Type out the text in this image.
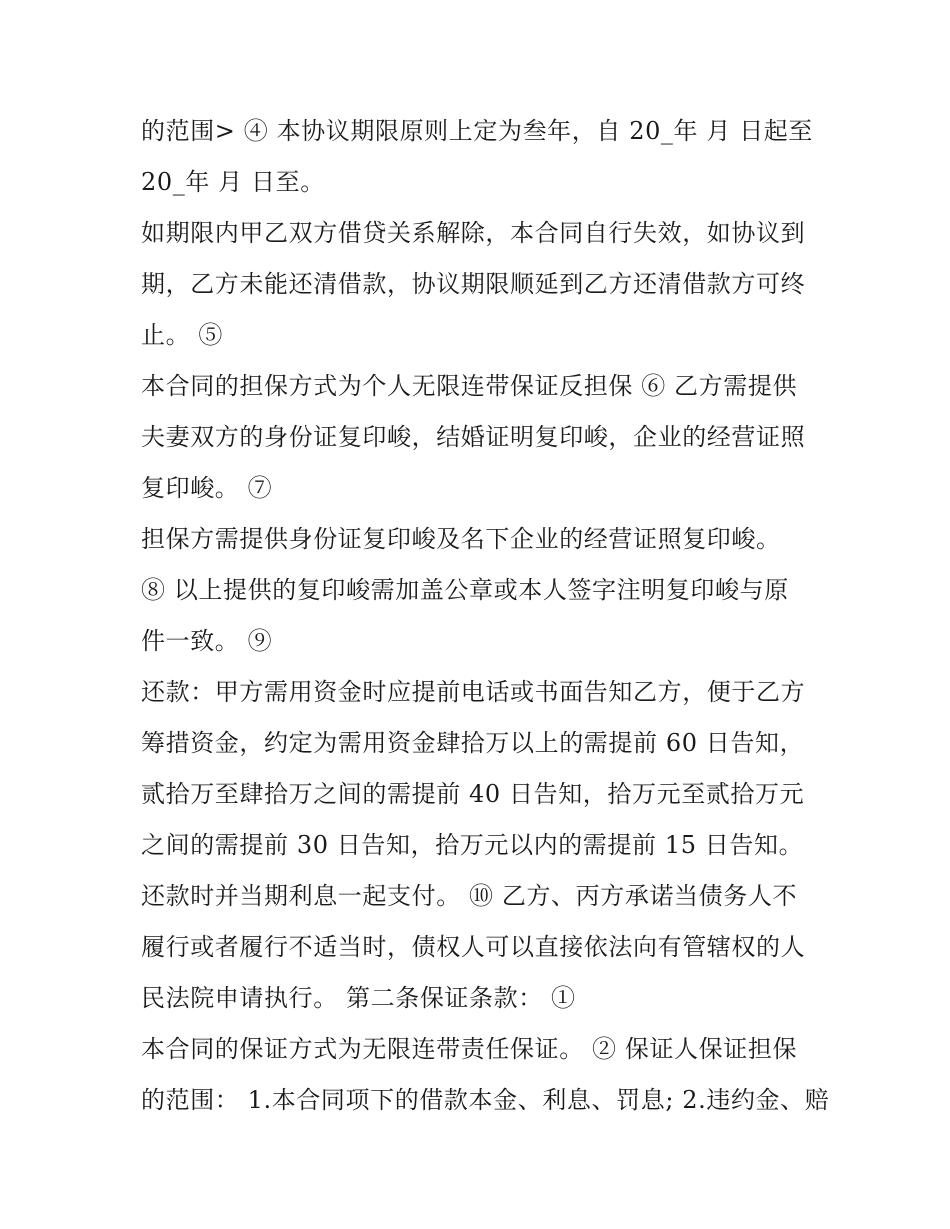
的范围> ④ 本协议期限原则上定为叁年，自 20_年 月 日起至
20_年 月 日至。
如期限内甲乙双方借贷关系解除，本合同自行失效，如协议到
期，乙方未能还清借款，协议期限顺延到乙方还清借款方可终
止。 ⑤
本合同的担保方式为个人无限连带保证反担保 ⑥ 乙方需提供
夫妻双方的身份证复印峻，结婚证明复印峻，企业的经营证照
复印峻。 ⑦
担保方需提供身份证复印峻及名下企业的经营证照复印峻。
⑧ 以上提供的复印峻需加盖公章或本人签字注明复印峻与原
件一致。 ⑨
还款：甲方需用资金时应提前电话或书面告知乙方，便于乙方
筹措资金，约定为需用资金肆拾万以上的需提前 60 日告知，
贰拾万至肆拾万之间的需提前 40 日告知，拾万元至贰拾万元
之间的需提前 30 日告知，拾万元以内的需提前 15 日告知。
还款时并当期利息一起支付。 ⑩ 乙方、丙方承诺当债务人不
履行或者履行不适当时，债权人可以直接依法向有管辖权的人
民法院申请执行。 第二条保证条款： ①
本合同的保证方式为无限连带责任保证。 ② 保证人保证担保
的范围： 1.本合同项下的借款本金、利息、罚息; 2.违约金、赔
